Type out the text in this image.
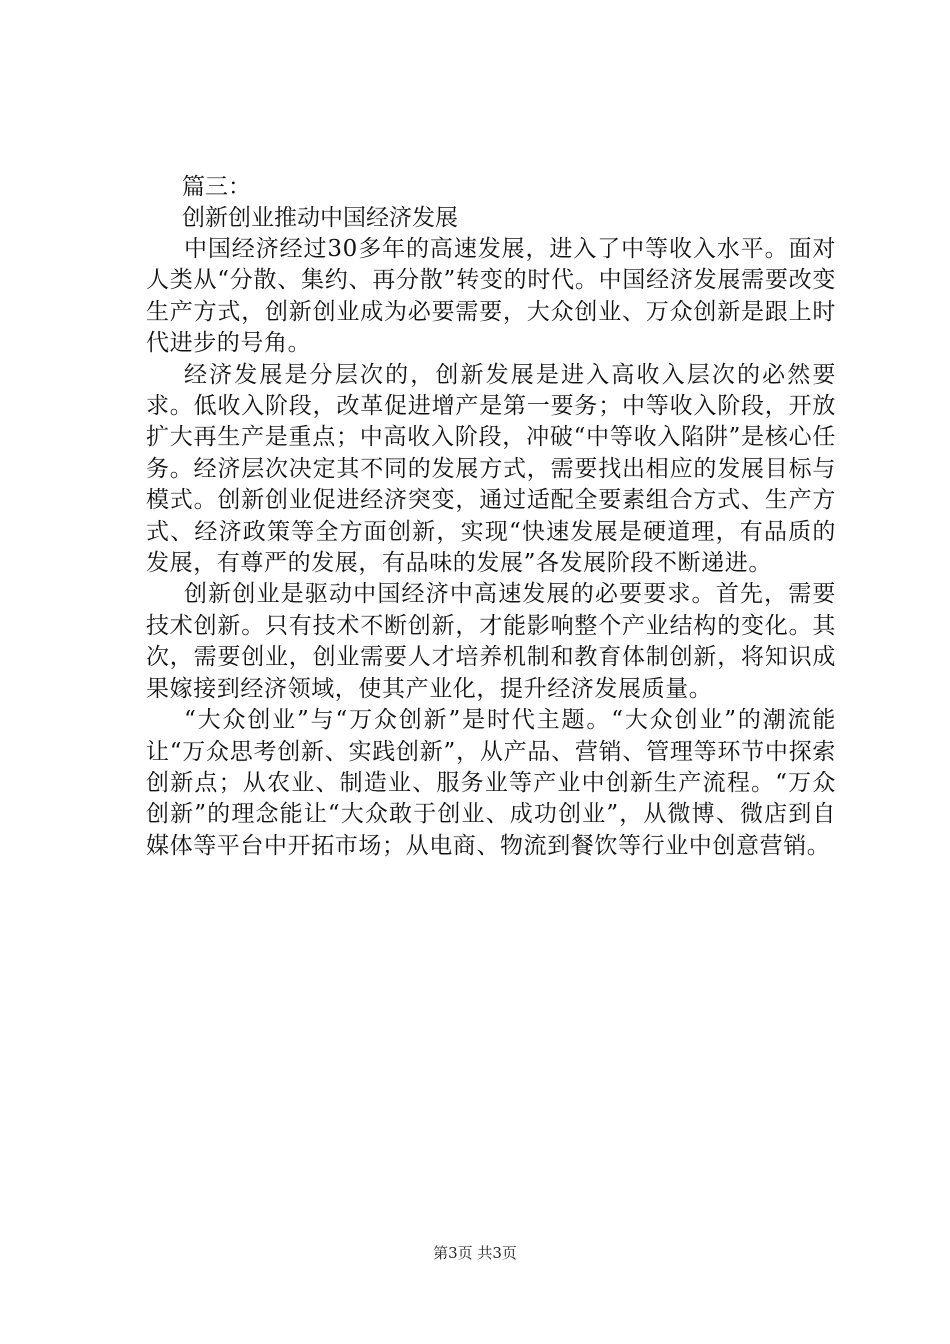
篇三：

创新创业推动中国经济发展

中国经济经过30多年的高速发展，进入了中等收入水平。面对人类从“分散、集约、再分散”转变的时代。中国经济发展需要改变生产方式，创新创业成为必要需要，大众创业、万众创新是跟上时代进步的号角。

经济发展是分层次的，创新发展是进入高收入层次的必然要求。低收入阶段，改革促进增产是第一要务；中等收入阶段，开放扩大再生产是重点；中高收入阶段，冲破“中等收入陷阱”是核心任务。经济层次决定其不同的发展方式，需要找出相应的发展目标与模式。创新创业促进经济突变，通过适配全要素组合方式、生产方式、经济政策等全方面创新，实现“快速发展是硬道理，有品质的发展，有尊严的发展，有品味的发展”各发展阶段不断递进。

创新创业是驱动中国经济中高速发展的必要要求。首先，需要技术创新。只有技术不断创新，才能影响整个产业结构的变化。其次，需要创业，创业需要人才培养机制和教育体制创新，将知识成果嫁接到经济领域，使其产业化，提升经济发展质量。

“大众创业”与“万众创新”是时代主题。“大众创业”的潮流能让“万众思考创新、实践创新”，从产品、营销、管理等环节中探索创新点；从农业、制造业、服务业等产业中创新生产流程。“万众创新”的理念能让“大众敢于创业、成功创业”，从微博、微店到自媒体等平台中开拓市场；从电商、物流到餐饮等行业中创意营销。

第3页 共3页
